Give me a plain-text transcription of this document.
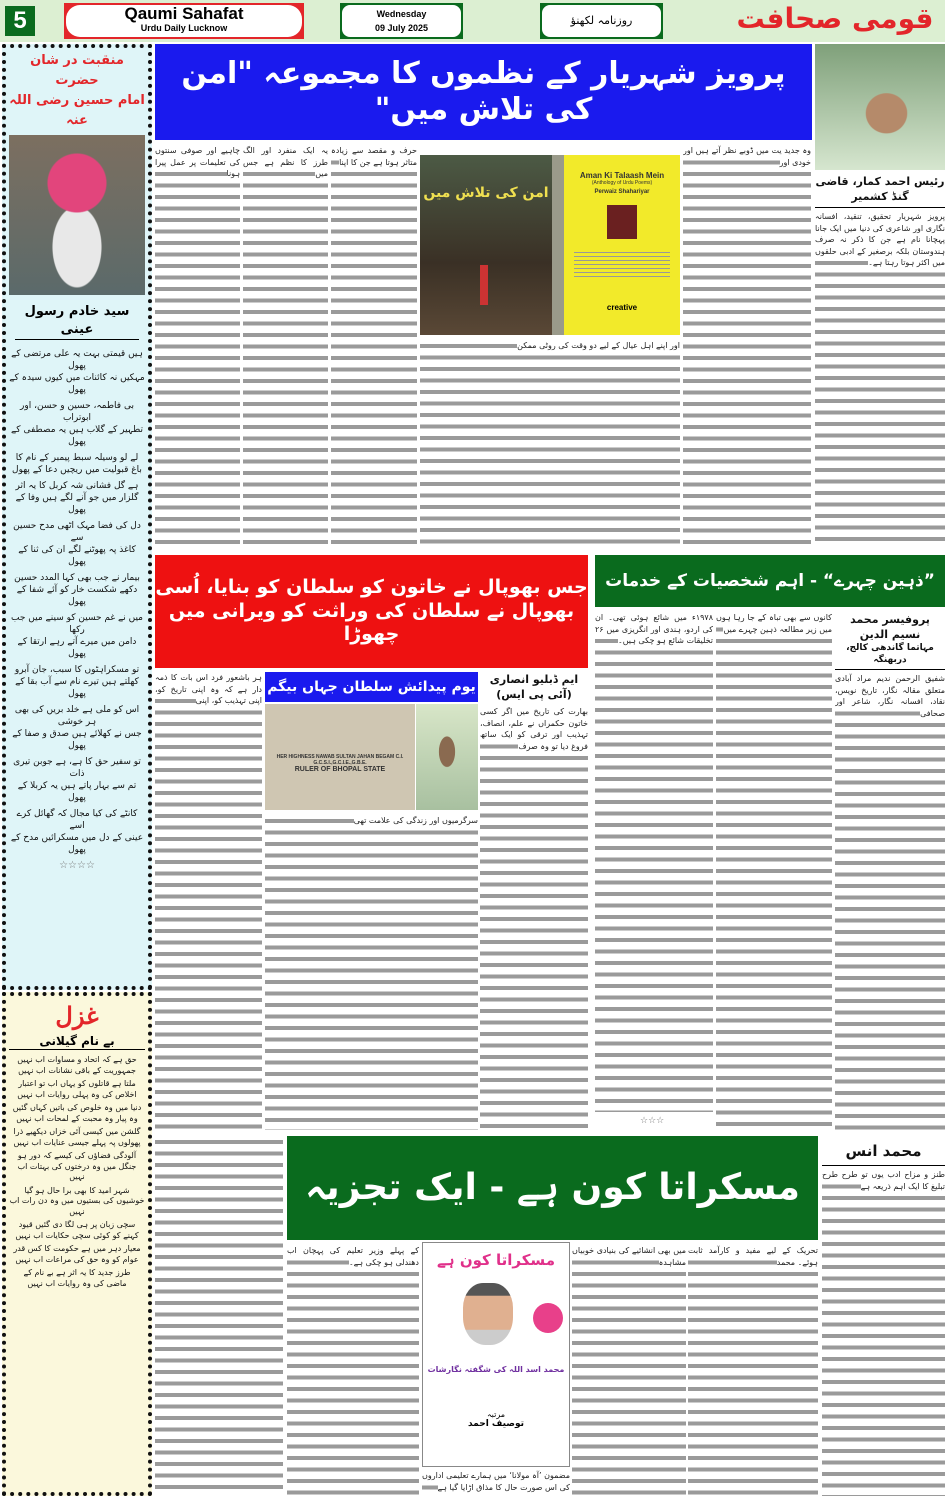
5	Qaumi Sahafat
Urdu Daily Lucknow
Wednesday
09 July 2025
روزنامہ لکھنؤ	قومی صحافت
منقبت در شان حضرت
امام حسین رضی اللہ عنہ
سید خادم رسول عینی
ہیں قیمتی بہت یہ علی مرتضی کے پھول
مہکیں نہ کائنات میں کیوں سیدہ کے پھول
بی فاطمہ، حسین و حسن، اور ابوتراب
تطہیر کے گلاب ہیں یہ مصطفی کے پھول
لے لو وسیلہ سبط پیمبر کے نام کا
باغ قبولیت میں ریچیں دعا کے پھول
ہے گل فشانی شہ کربل کا یہ اثر
گلزار میں جو آنے لگے ہیں وفا کے پھول
دل کی فضا مہک اٹھی مدح حسین سے
کاغذ پہ پھوٹنے لگے ان کی ثنا کے پھول
بیمار نے جب بھی کہا المدد حسین
دکھے شکست خار کو آئے شفا کے پھول
میں نے غم حسین کو سینے میں جب رکھا
دامن میں میرے آتے رہے ارتقا کے پھول
تو مسکراہٹوں کا سبب، جان آبرو
کھلتے ہیں تیرے نام سے آب بقا کے پھول
اس کو ملی ہے خلد بریں کی بھی ہر خوشی
جس نے کھلائے ہیں صدق و صفا کے پھول
تو سفیر حق کا ہے، ہے جوبن تیری ذات
تم سے بہار پاتے ہیں یہ کربلا کے پھول
کانٹے کی کیا مجال کہ گھائل کرے اسے
عینی کے دل میں مسکرائیں مدح کے پھول
☆☆☆☆
غزل
بے نام گیلانی
حق ہے کہ اتحاد و مساوات اب نہیں
جمہوریت کے باقی نشانات اب نہیں
ملتا ہے قاتلوں کو یہاں اب تو اعتبار
اخلاص کی وہ پہلی روایات اب نہیں
دنیا میں وہ خلوص کی باتیں کہاں گئیں
وہ پیار وہ محبت کے لمحات اب نہیں
گلشن میں کیسی آئی خزاں دیکھیے ذرا
پھولوں پہ پہلے جیسی عنایات اب نہیں
آلودگی فضاؤں کی کیسے کہ دور ہو
جنگل میں وہ درختوں کی بہتات اب نہیں
شہر امید کا بھی برا حال ہو گیا
خوشیوں کی بستیوں میں وہ دن رات اب نہیں
سچی زبان پر ہی لگا دی گئیں قیود
کہنے کو کوئی سچی حکایات اب نہیں
معیار دہر میں ہے حکومت کا کس قدر
عوام کو وہ حق کی مراعات اب نہیں
طرز جدید کا یہ اثر ہے بے نام کے
ماضی کی وہ روایات اب نہیں
پرویز شہریار کے نظموں کا مجموعہ "امن کی تلاش میں"
رئیس احمد کمار، قاضی گنڈ کشمیر
پرویز شہریار تحقیق، تنقید، افسانہ نگاری اور شاعری کی دنیا میں ایک جانا پہچانا نام ہے جن کا ذکر نہ صرف ہندوستان بلکہ برصغیر کے ادبی حلقوں میں اکثر ہوتا رہتا ہے۔
وہ جدید یت میں ڈوبے نظر آتے ہیں اور خودی اور
امن کی تلاش میں
Aman Ki Talaash Mein
(Anthology of Urdu Poems)
Perwaiz Shahariyar
creative
چاہیے اور صوفی سنتوں کی تعلیمات پر عمل پیرا ہونا
یہ ایک منفرد اور الگ طرز کا نظم ہے جس میں
حرف و مقصد سے زیادہ متاثر ہوتا ہے جن کا اپنا
اور اپنے اہل عیال کے لیے دو وقت کی روٹی ممکن
جس بھوپال نے خاتون کو سلطان کو بنایا، اُسی
بھوپال نے سلطان کی وراثت کو ویرانی میں چھوڑا
یوم پیدائش سلطان جہاں بیگم
HER HIGHNESS NAWAB SULTAN JAHAN BEGAM C.I.
G.C.S.I.,G.C.I.E.,G.B.E.
RULER OF BHOPAL STATE
ایم ڈبلیو انصاری
(آئی پی ایس)
بھارت کی تاریخ میں اگر کسی خاتون حکمراں نے علم، انصاف، تہذیب اور ترقی کو ایک ساتھ فروغ دیا تو وہ صرف
سرگرمیوں اور زندگی کی علامت تھی
ہر باشعور فرد اس بات کا ذمہ دار ہے کہ وہ اپنی تاریخ کو، اپنی تہذیب کو، اپنی
”ذہین چہرے“ - اہم شخصیات کے خدمات
پروفیسر محمد نسیم الدین
مہاتما گاندھی کالج، دربھنگہ
شفیق الرحمن ندیم مراد آبادی متعلق مقالہ نگار، تاریخ نویس، نقاد، افسانہ نگار، شاعر اور صحافی
کانوں سے بھی تباہ کے جا رہا ہوں میں زیر مطالعہ ذہین چہرے میں
۱۹۷۸ء میں شائع ہوئی تھی۔ ان کی اردو، ہندی اور انگریزی میں ۲۶ تخلیقات شائع ہو چکی ہیں۔
☆☆☆
مسکراتا کون ہے - ایک تجزیہ
محمد انس
طنز و مزاح ادب یوں تو طرح طرح تبلیغ کا ایک اہم ذریعہ ہے
تحریک کے لیے مفید و کارآمد ثابت ہوئے۔ محمد
میں بھی انشائیے کی بنیادی خوبیاں مشاہدہ
مسکراتا کون ہے
محمد اسد اللہ کی شگفتہ نگارشات
مرتبہ
توصیف احمد
مضمون ’آہ مولانا‘ میں ہمارے تعلیمی اداروں کی اس صورت حال کا مذاق اڑایا گیا ہے
کے پہلے وزیر تعلیم کی پہچان اب دھندلی ہو چکی ہے۔
